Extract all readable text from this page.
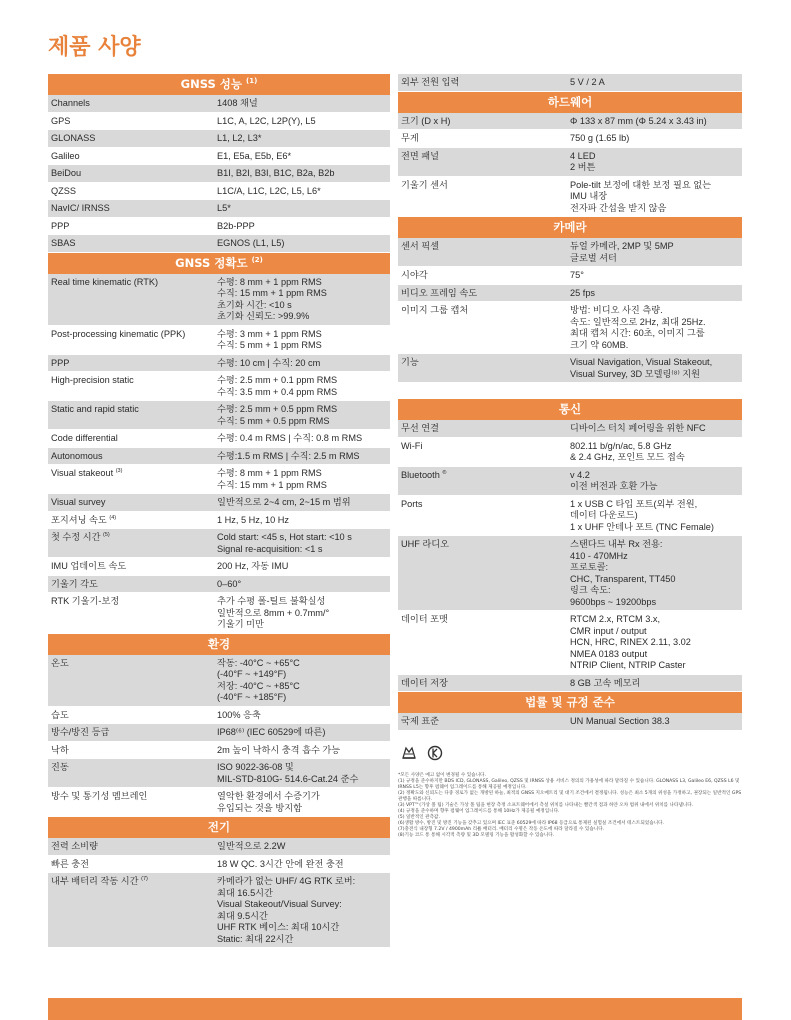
제품 사양
GNSS 성능 $^{(1)}$
Channels	1408 채널
GPS	L1C, A, L2C, L2P(Y), L5
GLONASS	L1, L2, L3*
Galileo	E1, E5a, E5b, E6*
BeiDou	B1I, B2I, B3I, B1C, B2a, B2b
QZSS	L1C/A, L1C, L2C, L5, L6*
NavIC/ IRNSS	L5*
PPP	B2b-PPP
SBAS	EGNOS (L1, L5)
GNSS 정확도 $^{(2)}$
Real time kinematic (RTK)	수평: 8 mm + 1 ppm RMS
수직: 15 mm + 1 ppm RMS
초기화 시간: <10 s
초기화 신뢰도: >99.9%
Post-processing kinematic (PPK)	수평: 3 mm + 1 ppm RMS
수직: 5 mm + 1 ppm RMS
PPP	수평: 10 cm | 수직: 20 cm
High-precision static	수평: 2.5 mm + 0.1 ppm RMS
수직: 3.5 mm + 0.4 ppm RMS
Static and rapid static	수평: 2.5 mm + 0.5 ppm RMS
수직: 5 mm + 0.5 ppm RMS
Code differential	수평: 0.4 m RMS | 수직: 0.8 m RMS
Autonomous	수평:1.5 m RMS | 수직: 2.5 m RMS
Visual stakeout $^{(3)}$	수평: 8 mm + 1 ppm RMS
수직: 15 mm + 1 ppm RMS
Visual survey	일반적으로 2~4 cm, 2~15 m 범위
포지셔닝 속도 $^{(4)}$	1 Hz, 5 Hz, 10 Hz
첫 수정 시간 $^{(5)}$	Cold start: <45 s, Hot start: <10 s
Signal re-acquisition: <1 s
IMU 업데이트 속도	200 Hz, 자동 IMU
기울기 각도	0–60°
RTK 기울기-보정	추가 수평 폴-틸트 불확실성
일반적으로 8mm + 0.7mm/°
기울기 미만
환경
온도	작동: -40°C ~ +65°C
(-40°F ~ +149°F)
저장: -40°C ~ +85°C
(-40°F ~ +185°F)
습도	100% 응축
방수/방진 등급	IP68⁽⁶⁾ (IEC 60529에 따른)
낙하	2m 높이 낙하시 충격 흡수 가능
진동	ISO 9022-36-08 및
MIL-STD-810G- 514.6-Cat.24 준수
방수 및 통기성 멤브레인	열악한 환경에서 수증기가
유입되는 것을 방지함
전기
전력 소비량	일반적으로 2.2W
빠른 충전	18 W QC. 3시간 안에 완전 충전
내부 배터리 작동 시간 $^{(7)}$	카메라가 없는 UHF/ 4G RTK 로버:
최대 16.5시간
Visual Stakeout/Visual Survey:
최대 9.5시간
UHF RTK 베이스: 최대 10시간
Static: 최대 22시간
외부 전원 입력	5 V / 2 A
하드웨어
크기 (D x H)	Φ 133 x 87 mm (Φ 5.24 x 3.43 in)
무게	750 g (1.65 lb)
전면 패널	4 LED
2 버튼
기울기 센서	Pole-tilt 보정에 대한 보정 필요 없는
IMU 내장
전자파 간섭을 받지 않음
카메라
센서 픽셀	듀얼 카메라, 2MP 및 5MP
글로벌 셔터
시야각	75°
비디오 프레임 속도	25 fps
이미지 그룹 캡처	방법: 비디오 사진 측량.
속도: 일반적으로 2Hz, 최대 25Hz.
최대 캡처 시간: 60초, 이미지 그룹
크기 약 60MB.
기능	Visual Navigation, Visual Stakeout,
Visual Survey, 3D 모델링⁽⁸⁾ 지원
통신
무선 연결	디바이스 터치 페어링을 위한 NFC
Wi-Fi	802.11 b/g/n/ac, 5.8 GHz
& 2.4 GHz, 포인트 모드 접속
Bluetooth ®	v 4.2
이전 버전과 호환 가능
Ports	1 x USB C 타입 포트(외부 전원,
데이터 다운로드)
1 x UHF 안테나 포트 (TNC Female)
UHF 라디오	스탠다드 내부 Rx 전용:
410 - 470MHz
프로토콜:
CHC, Transparent, TT450
링크 속도:
9600bps ~ 19200bps
데이터 포맷	RTCM 2.x, RTCM 3.x,
CMR input / output
HCN, HRC, RINEX 2.11, 3.02
NMEA 0183 output
NTRIP Client, NTRIP Caster
데이터 저장	8 GB 고속 메모리
법률 및 규정 준수
국제 표준	UN Manual Section 38.3
*모든 사양은 예고 없이 변경될 수 있습니다.
(1) 규정을 준수하지만 BDS ICD, GLONASS, Galileo, QZSS 및 IRNSS 상용 서비스 정의의 가용성에 따라 달라질 수 있습니다. GLONASS L3, Galileo E6, QZSS L6 및 IRNSS L5는 향후 펌웨어 업그레이드를 통해 제공될 예정입니다.
(2) 정확도와 신뢰도는 다중 경로가 없는 개방된 하늘, 최적의 GNSS 지오메트리 및 대기 조건에서 결정됩니다. 성능은 최소 5개의 위성을 가정하고, 권장되는 일반적인 GPS 관행을 따릅니다.
(3) VPT™(가상 폴 팁) 기술은 가상 폴 팁을 현장 측정 소프트웨어에서 측설 위치를 나타내는 빨간색 점과 하얀 오차 범위 내에서 위치를 나타냅니다.
(4) 규정을 준수하며 향후 펌웨어 업그레이드를 통해 10Hz가 제공될 예정입니다.
(5) 일반적인 관측값.
(6)생활 방수, 방진 및 방진 기능을 갖추고 있으며 IEC 표준 60529에 따라 IP68 등급으로 통제된 실험실 조건에서 테스트되었습니다.
(7)충전식 내장형 7.2V / 4900mAh 리튬 배터리. 배터리 수명은 작동 온도에 따라 달라질 수 있습니다.
(8)기능 코드 통 통해 시각적 측량 및 3D 모델링 기능을 활성화할 수 있습니다.
